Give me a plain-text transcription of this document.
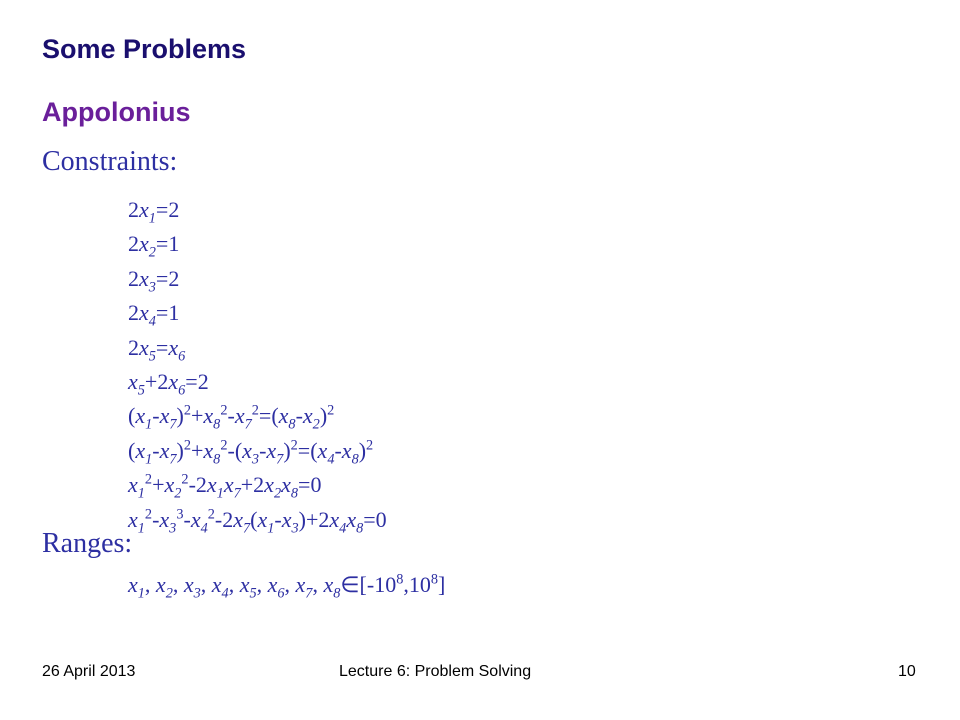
Some Problems
Appolonius
Constraints:
$2x_1=2$
$2x_2=1$
$2x_3=2$
$2x_4=1$
$2x_5=x_6$
$x_5+2x_6=2$
$(x_1-x_7)^2+x_8^2-x_7^2=(x_8-x_2)^2$
$(x_1-x_7)^2+x_8^2-(x_3-x_7)^2=(x_4-x_8)^2$
$x_1^2+x_2^2-2x_1x_7+2x_2x_8=0$
$x_1^2-x_3^3-x_4^2-2x_7(x_1-x_3)+2x_4x_8=0$
Ranges:
$x_1$, $x_2$, $x_3$, $x_4$, $x_5$, $x_6$, $x_7$, $x_8\in[-10^8,10^8]$
26 April 2013	Lecture 6: Problem Solving	10
